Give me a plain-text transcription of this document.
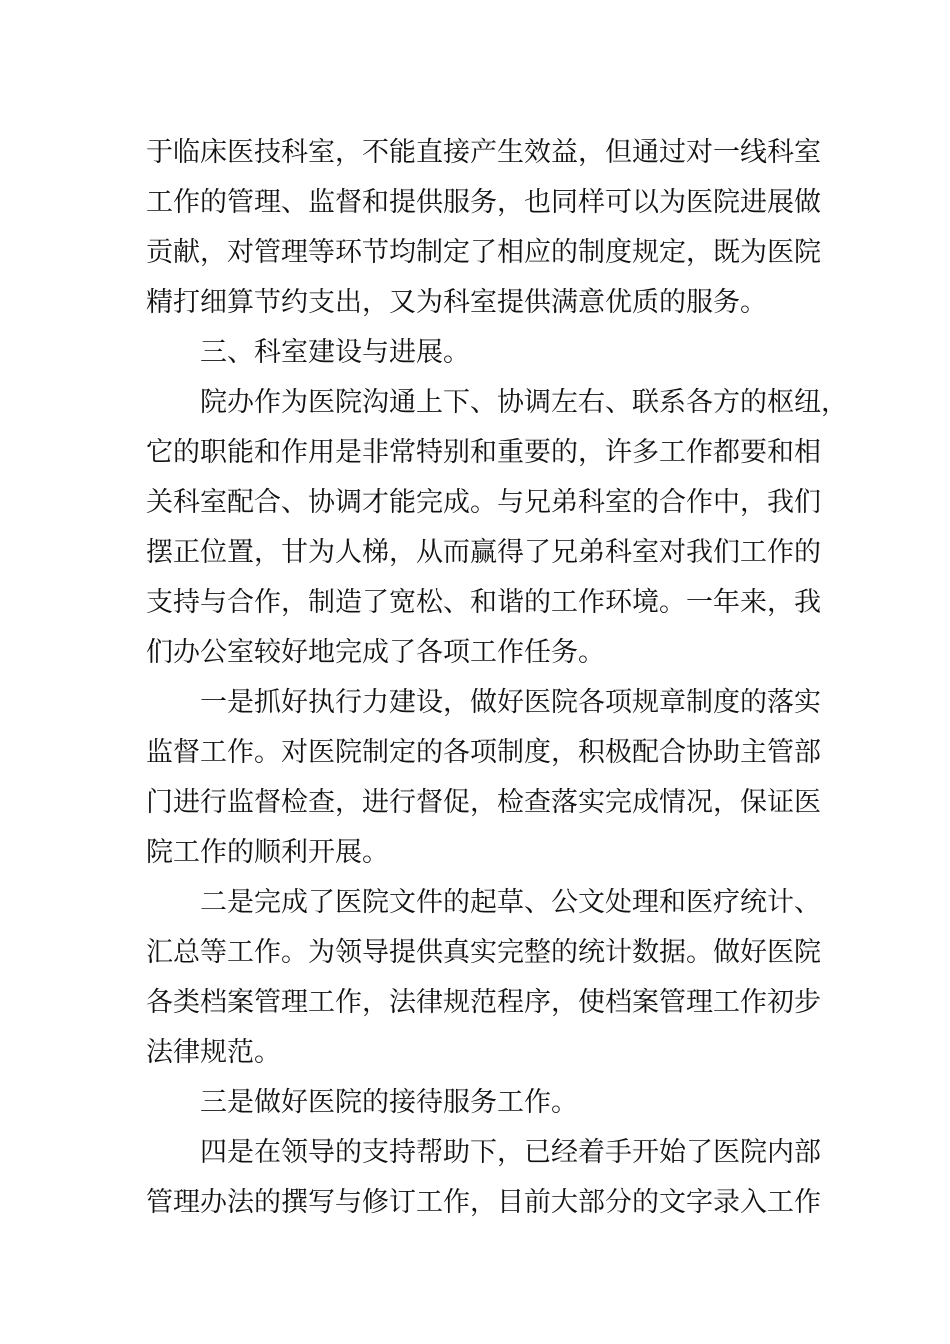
于临床医技科室，不能直接产生效益，但通过对一线科室
工作的管理、监督和提供服务，也同样可以为医院进展做
贡献，对管理等环节均制定了相应的制度规定，既为医院
精打细算节约支出，又为科室提供满意优质的服务。
三、科室建设与进展。
院办作为医院沟通上下、协调左右、联系各方的枢纽，
它的职能和作用是非常特别和重要的，许多工作都要和相
关科室配合、协调才能完成。与兄弟科室的合作中，我们
摆正位置，甘为人梯，从而赢得了兄弟科室对我们工作的
支持与合作，制造了宽松、和谐的工作环境。一年来，我
们办公室较好地完成了各项工作任务。
一是抓好执行力建设，做好医院各项规章制度的落实
监督工作。对医院制定的各项制度，积极配合协助主管部
门进行监督检查，进行督促，检查落实完成情况，保证医
院工作的顺利开展。
二是完成了医院文件的起草、公文处理和医疗统计、
汇总等工作。为领导提供真实完整的统计数据。做好医院
各类档案管理工作，法律规范程序，使档案管理工作初步
法律规范。
三是做好医院的接待服务工作。
四是在领导的支持帮助下，已经着手开始了医院内部
管理办法的撰写与修订工作，目前大部分的文字录入工作
